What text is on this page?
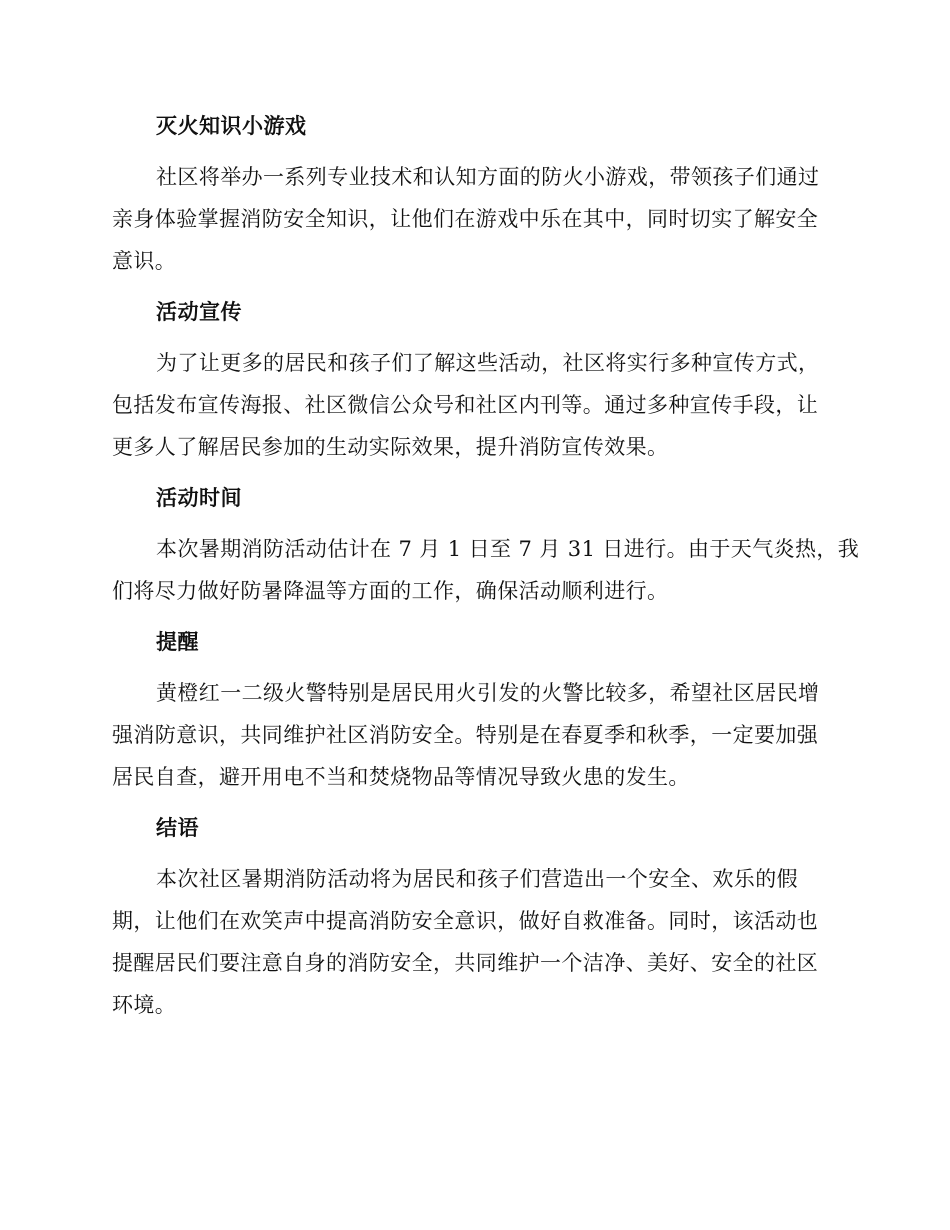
灭火知识小游戏
社区将举办一系列专业技术和认知方面的防火小游戏，带领孩子们通过
亲身体验掌握消防安全知识，让他们在游戏中乐在其中，同时切实了解安全
意识。
活动宣传
为了让更多的居民和孩子们了解这些活动，社区将实行多种宣传方式，
包括发布宣传海报、社区微信公众号和社区内刊等。通过多种宣传手段，让
更多人了解居民参加的生动实际效果，提升消防宣传效果。
活动时间
本次暑期消防活动估计在 7 月 1 日至 7 月 31 日进行。由于天气炎热，我
们将尽力做好防暑降温等方面的工作，确保活动顺利进行。
提醒
黄橙红一二级火警特别是居民用火引发的火警比较多，希望社区居民增
强消防意识，共同维护社区消防安全。特别是在春夏季和秋季，一定要加强
居民自查，避开用电不当和焚烧物品等情况导致火患的发生。
结语
本次社区暑期消防活动将为居民和孩子们营造出一个安全、欢乐的假
期，让他们在欢笑声中提高消防安全意识，做好自救准备。同时，该活动也
提醒居民们要注意自身的消防安全，共同维护一个洁净、美好、安全的社区
环境。
